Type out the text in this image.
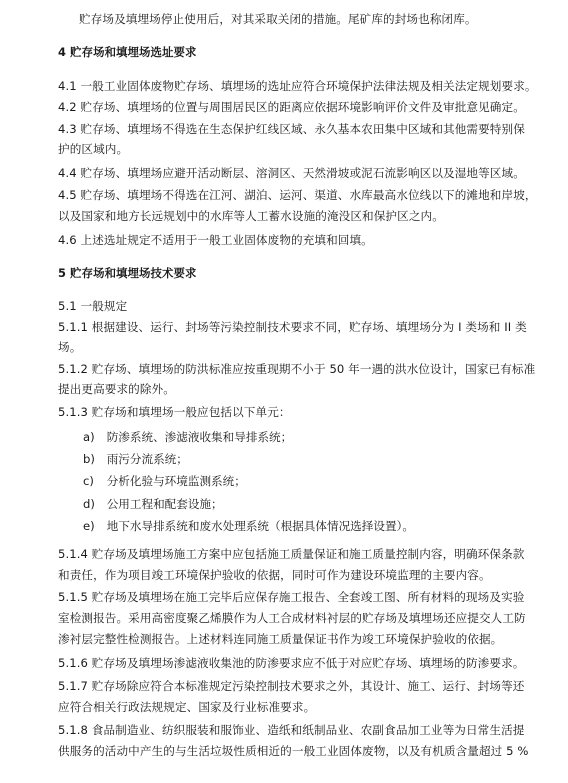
贮存场及填埋场停止使用后，对其采取关闭的措施。尾矿库的封场也称闭库。
4 贮存场和填埋场选址要求
4.1 一般工业固体废物贮存场、填埋场的选址应符合环境保护法律法规及相关法定规划要求。
4.2 贮存场、填埋场的位置与周围居民区的距离应依据环境影响评价文件及审批意见确定。
4.3 贮存场、填埋场不得选在生态保护红线区域、永久基本农田集中区域和其他需要特别保
护的区域内。
4.4 贮存场、填埋场应避开活动断层、溶洞区、天然滑坡或泥石流影响区以及湿地等区域。
4.5 贮存场、填埋场不得选在江河、湖泊、运河、渠道、水库最高水位线以下的滩地和岸坡，
以及国家和地方长远规划中的水库等人工蓄水设施的淹没区和保护区之内。
4.6 上述选址规定不适用于一般工业固体废物的充填和回填。
5 贮存场和填埋场技术要求
5.1 一般规定
5.1.1 根据建设、运行、封场等污染控制技术要求不同，贮存场、填埋场分为 I 类场和 II 类
场。
5.1.2 贮存场、填埋场的防洪标准应按重现期不小于 50 年一遇的洪水位设计，国家已有标准
提出更高要求的除外。
5.1.3 贮存场和填埋场一般应包括以下单元：
a) 防渗系统、渗滤液收集和导排系统；
b) 雨污分流系统；
c) 分析化验与环境监测系统；
d) 公用工程和配套设施；
e) 地下水导排系统和废水处理系统（根据具体情况选择设置）。
5.1.4 贮存场及填埋场施工方案中应包括施工质量保证和施工质量控制内容，明确环保条款
和责任，作为项目竣工环境保护验收的依据，同时可作为建设环境监理的主要内容。
5.1.5 贮存场及填埋场在施工完毕后应保存施工报告、全套竣工图、所有材料的现场及实验
室检测报告。采用高密度聚乙烯膜作为人工合成材料衬层的贮存场及填埋场还应提交人工防
渗衬层完整性检测报告。上述材料连同施工质量保证书作为竣工环境保护验收的依据。
5.1.6 贮存场及填埋场渗滤液收集池的防渗要求应不低于对应贮存场、填埋场的防渗要求。
5.1.7 贮存场除应符合本标准规定污染控制技术要求之外，其设计、施工、运行、封场等还
应符合相关行政法规规定、国家及行业标准要求。
5.1.8 食品制造业、纺织服装和服饰业、造纸和纸制品业、农副食品加工业等为日常生活提
供服务的活动中产生的与生活垃圾性质相近的一般工业固体废物，以及有机质含量超过 5 %
